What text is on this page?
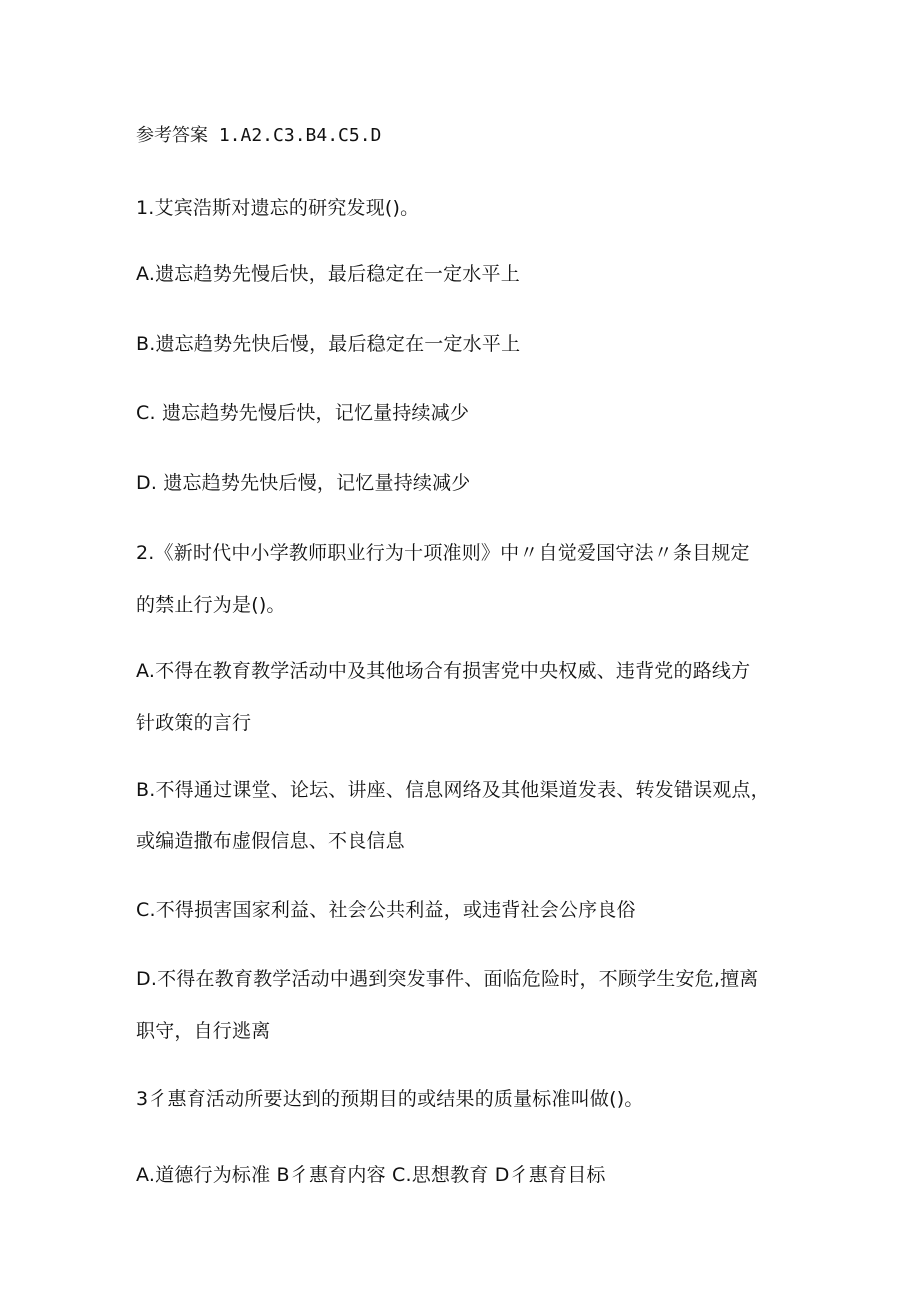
参考答案 1.A2.C3.B4.C5.D
1.艾宾浩斯对遗忘的研究发现()。
A.遗忘趋势先慢后快，最后稳定在一定水平上
B.遗忘趋势先快后慢，最后稳定在一定水平上
C. 遗忘趋势先慢后快，记忆量持续减少
D. 遗忘趋势先快后慢，记忆量持续减少
2.《新时代中小学教师职业行为十项准则》中〃自觉爱国守法〃条目规定
的禁止行为是()。
A.不得在教育教学活动中及其他场合有损害党中央权威、违背党的路线方
针政策的言行
B.不得通过课堂、论坛、讲座、信息网络及其他渠道发表、转发错误观点，
或编造撒布虚假信息、不良信息
C.不得损害国家利益、社会公共利益，或违背社会公序良俗
D.不得在教育教学活动中遇到突发事件、面临危险时，不顾学生安危,擅离
职守，自行逃离
3彳惠育活动所要达到的预期目的或结果的质量标准叫做()。
A.道德行为标准 B彳惠育内容 C.思想教育 D彳惠育目标
